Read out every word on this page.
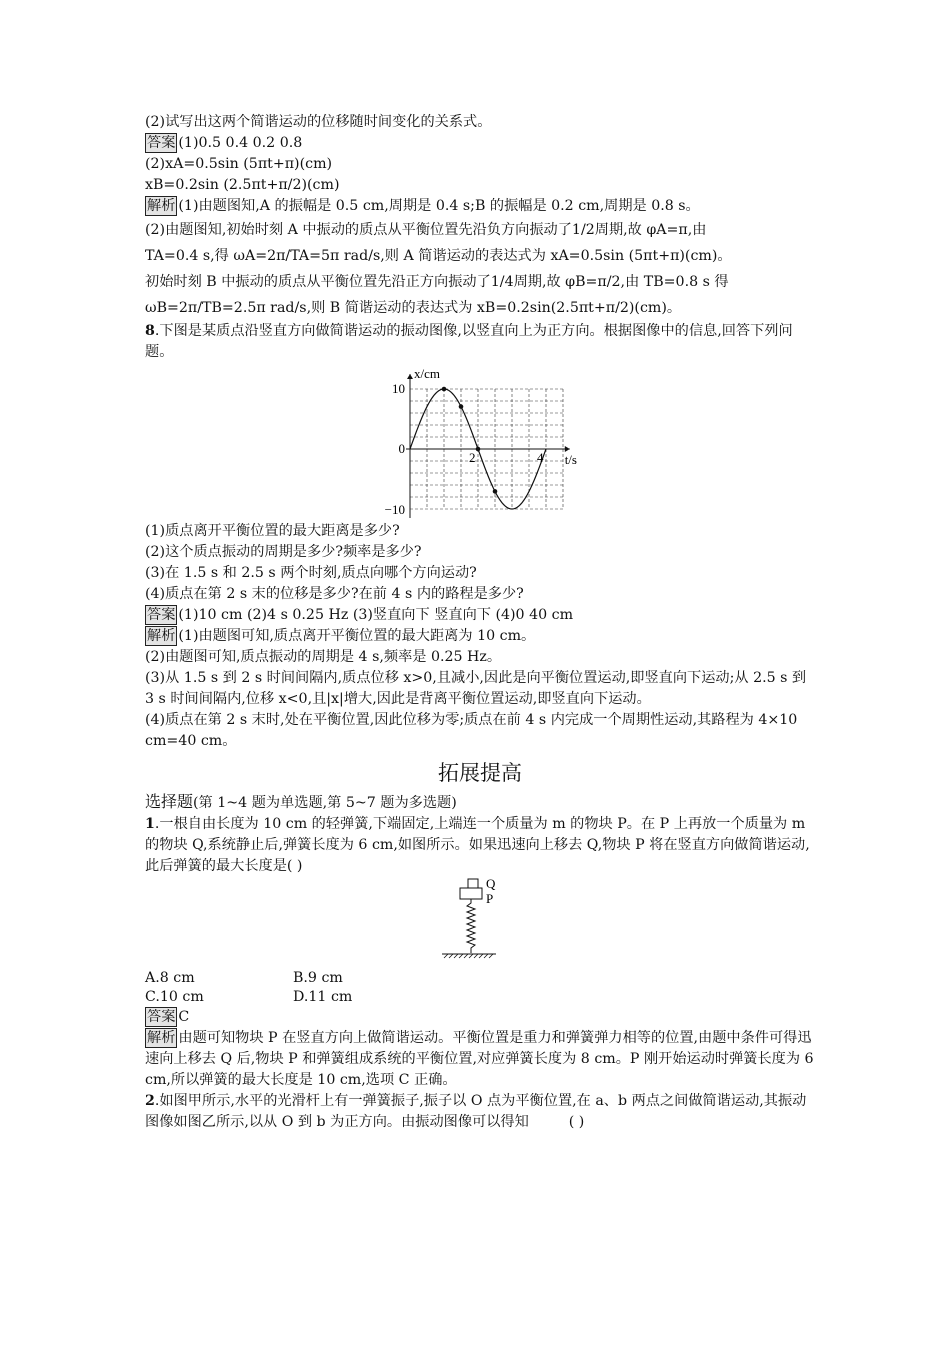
(2)试写出这两个简谐运动的位移随时间变化的关系式。
答案 (1)0.5 0.4 0.2 0.8
(2)xA=0.5sin (5πt+π)(cm)
xB=0.2sin (2.5πt+π/2)(cm)
解析 (1)由题图知,A 的振幅是 0.5 cm,周期是 0.4 s;B 的振幅是 0.2 cm,周期是 0.8 s。
(2)由题图知,初始时刻 A 中振动的质点从平衡位置先沿负方向振动了1/2周期,故 φA=π,由
TA=0.4 s,得 ωA=2π/TA=5π rad/s,则 A 简谐运动的表达式为 xA=0.5sin (5πt+π)(cm)。
初始时刻 B 中振动的质点从平衡位置先沿正方向振动了1/4周期,故 φB=π/2,由 TB=0.8 s 得
ωB=2π/TB=2.5π rad/s,则 B 简谐运动的表达式为 xB=0.2sin(2.5πt+π/2)(cm)。
8.下图是某质点沿竖直方向做简谐运动的振动图像,以竖直向上为正方向。根据图像中的信息,回答下列问题。
x/cm
t/s
10
0
−10
2	4
(1)质点离开平衡位置的最大距离是多少?
(2)这个质点振动的周期是多少?频率是多少?
(3)在 1.5 s 和 2.5 s 两个时刻,质点向哪个方向运动?
(4)质点在第 2 s 末的位移是多少?在前 4 s 内的路程是多少?
答案 (1)10 cm (2)4 s 0.25 Hz (3)竖直向下 竖直向下 (4)0 40 cm
解析 (1)由题图可知,质点离开平衡位置的最大距离为 10 cm。
(2)由题图可知,质点振动的周期是 4 s,频率是 0.25 Hz。
(3)从 1.5 s 到 2 s 时间间隔内,质点位移 x>0,且减小,因此是向平衡位置运动,即竖直向下运动;从 2.5 s 到 3 s 时间间隔内,位移 x<0,且|x|增大,因此是背离平衡位置运动,即竖直向下运动。
(4)质点在第 2 s 末时,处在平衡位置,因此位移为零;质点在前 4 s 内完成一个周期性运动,其路程为 4×10 cm=40 cm。
拓展提高
选择题(第 1~4 题为单选题,第 5~7 题为多选题)
1.一根自由长度为 10 cm 的轻弹簧,下端固定,上端连一个质量为 m 的物块 P。在 P 上再放一个质量为 m 的物块 Q,系统静止后,弹簧长度为 6 cm,如图所示。如果迅速向上移去 Q,物块 P 将在竖直方向做简谐运动,此后弹簧的最大长度是( )
Q
P
A.8 cm	B.9 cm
C.10 cm	D.11 cm
答案 C
解析 由题可知物块 P 在竖直方向上做简谐运动。平衡位置是重力和弹簧弹力相等的位置,由题中条件可得迅速向上移去 Q 后,物块 P 和弹簧组成系统的平衡位置,对应弹簧长度为 8 cm。P 刚开始运动时弹簧长度为 6 cm,所以弹簧的最大长度是 10 cm,选项 C 正确。
2.如图甲所示,水平的光滑杆上有一弹簧振子,振子以 O 点为平衡位置,在 a、b 两点之间做简谐运动,其振动图像如图乙所示,以从 O 到 b 为正方向。由振动图像可以得知	( )
